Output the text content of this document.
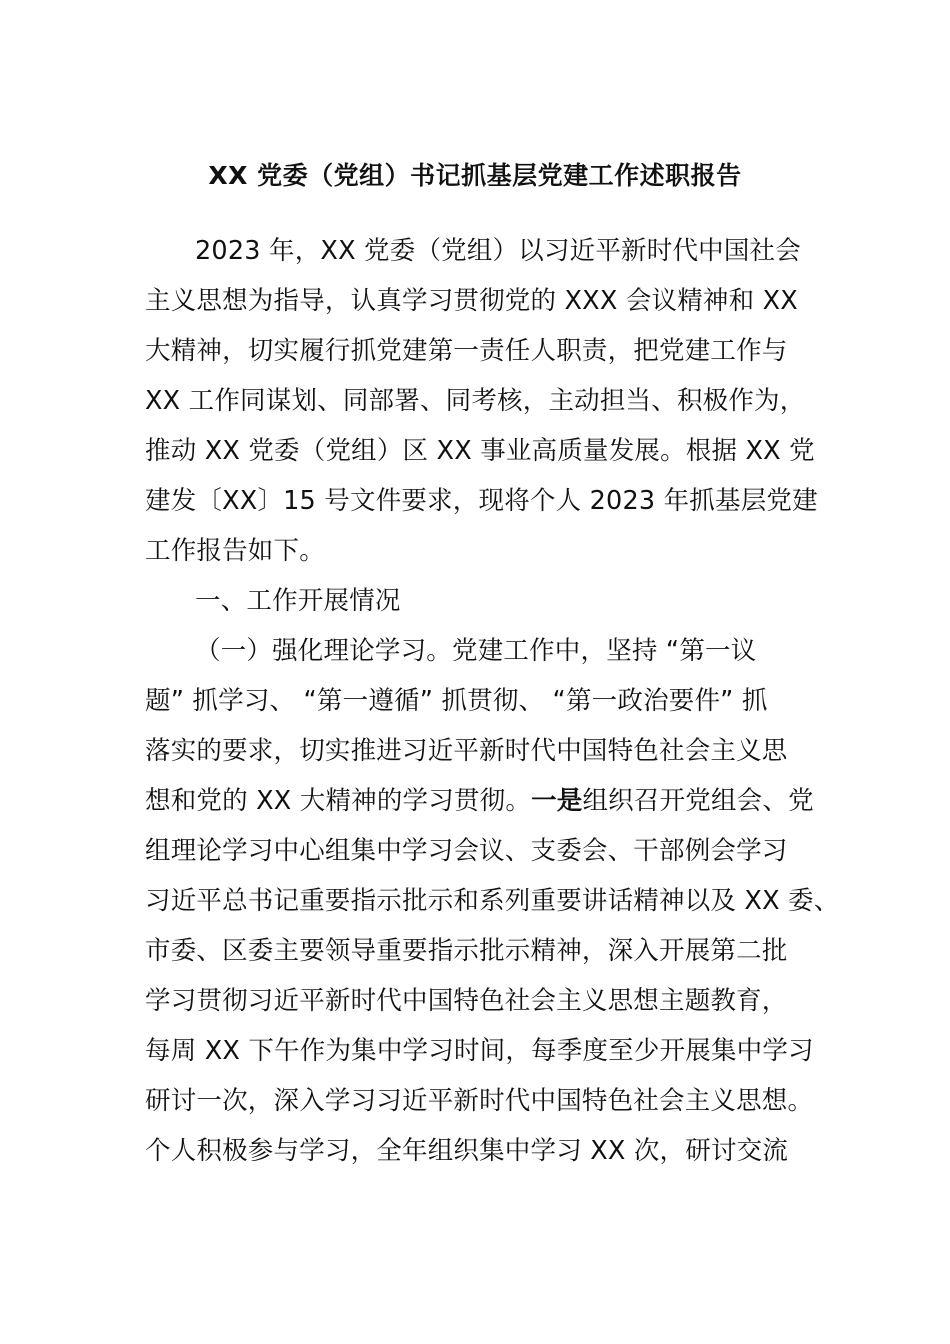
XX 党委（党组）书记抓基层党建工作述职报告
2023 年，XX 党委（党组）以习近平新时代中国社会
主义思想为指导，认真学习贯彻党的 XXX 会议精神和 XX
大精神，切实履行抓党建第一责任人职责，把党建工作与
XX 工作同谋划、同部署、同考核，主动担当、积极作为，
推动 XX 党委（党组）区 XX 事业高质量发展。根据 XX 党
建发〔XX〕15 号文件要求，现将个人 2023 年抓基层党建
工作报告如下。
一、工作开展情况
（一）强化理论学习。党建工作中，坚持 “第一议
题” 抓学习、 “第一遵循” 抓贯彻、 “第一政治要件” 抓
落实的要求，切实推进习近平新时代中国特色社会主义思
想和党的 XX 大精神的学习贯彻。一是组织召开党组会、党
组理论学习中心组集中学习会议、支委会、干部例会学习
习近平总书记重要指示批示和系列重要讲话精神以及 XX 委、
市委、区委主要领导重要指示批示精神，深入开展第二批
学习贯彻习近平新时代中国特色社会主义思想主题教育，
每周 XX 下午作为集中学习时间，每季度至少开展集中学习
研讨一次，深入学习习近平新时代中国特色社会主义思想。
个人积极参与学习，全年组织集中学习 XX 次，研讨交流
